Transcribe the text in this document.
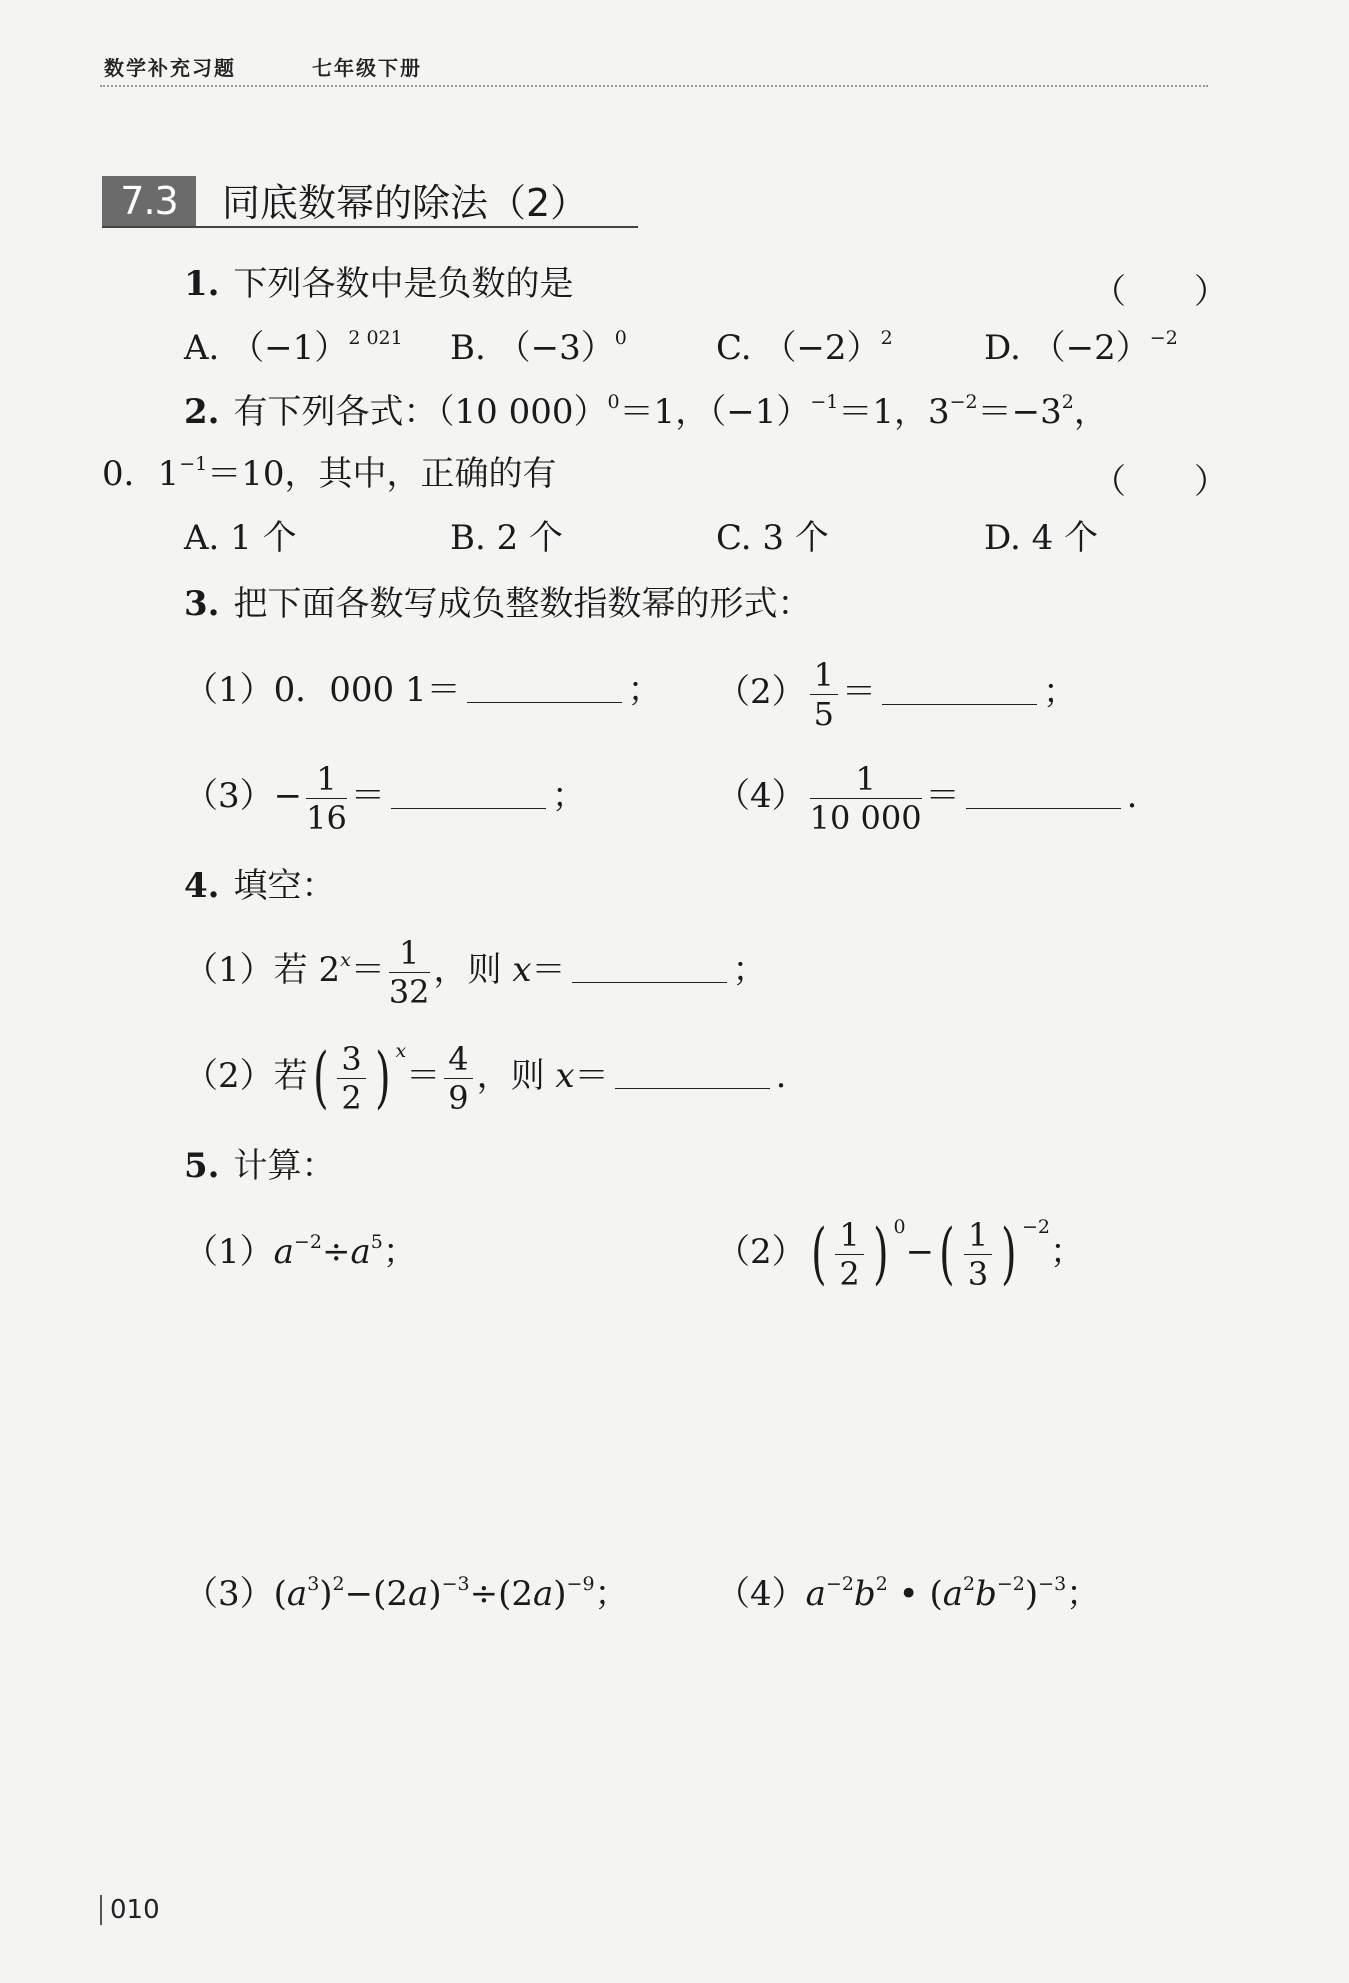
数学补充习题	七年级下册
7.3	同底数幂的除法（2）
1. 下列各数中是负数的是	（　　）
A. $(-1)^{2 021}$ B. $(-3)^0$	C. $(-2)^2$	D. $(-2)^{-2}$
2. 有下列各式：（10 000）$^0$＝1，$(-1)^{-1}=1$，$3^{-2}=-3^2$，
0．$1^{-1}=10$，其中，正确的有	（　　）
A. 1 个	B. 2 个	C. 3 个	D. 4 个
3. 把下面各数写成负整数指数幂的形式：
（1）0．000 1＝	； $(2) \frac{1}{5}$ ＝	；
$(3)- \frac{1}{16}$ ＝	；	$(4) \frac{1}{10 000}$ ＝	.
4. 填空：
（1）若 $2^x= \frac{1}{32}$ ，则 x＝	；
（2）若( $\frac{3}{2}$ ) $^x= \frac{4}{9}$ ，则 x＝	.
5. 计算：
$(1)a^{-2}\div a^5$；	$(2)( \frac{1}{2}$ ) $^0-( \frac{1}{3}$ ) $^{-2}$；
$(3)(a^3)^2-(2a)^{-3}\div(2a)^{-9}$；	$(4)a^{-2}b^2$ • $(a^2b^{-2})^{-3}$；
010
